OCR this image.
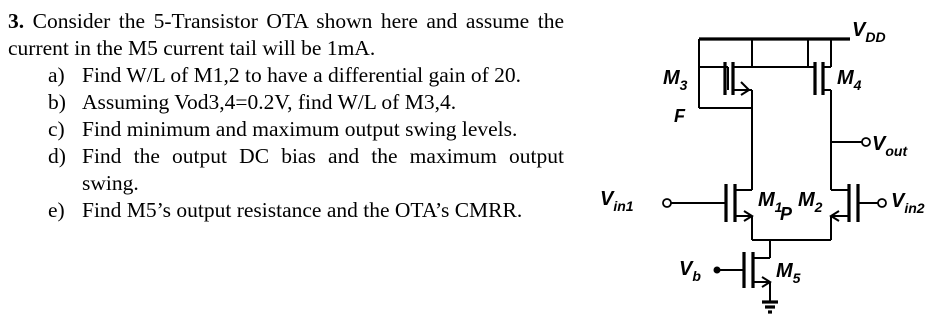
3. Consider the 5-Transistor OTA shown here and assume the current in the M5 current tail will be 1mA.
a) Find W/L of M1,2 to have a differential gain of 20.
b) Assuming Vod3,4=0.2V, find W/L of M3,4.
c) Find minimum and maximum output swing levels.
d) Find the output DC bias and the maximum output swing.
e) Find M5’s output resistance and the OTA’s CMRR.
$V_{DD}$
$M_3$
F
$M_4$
$V_{out}$
$V_{in1}$	$M_1$	$V_{in2}$
$M_2$
P
$V_b$	$M_5$
